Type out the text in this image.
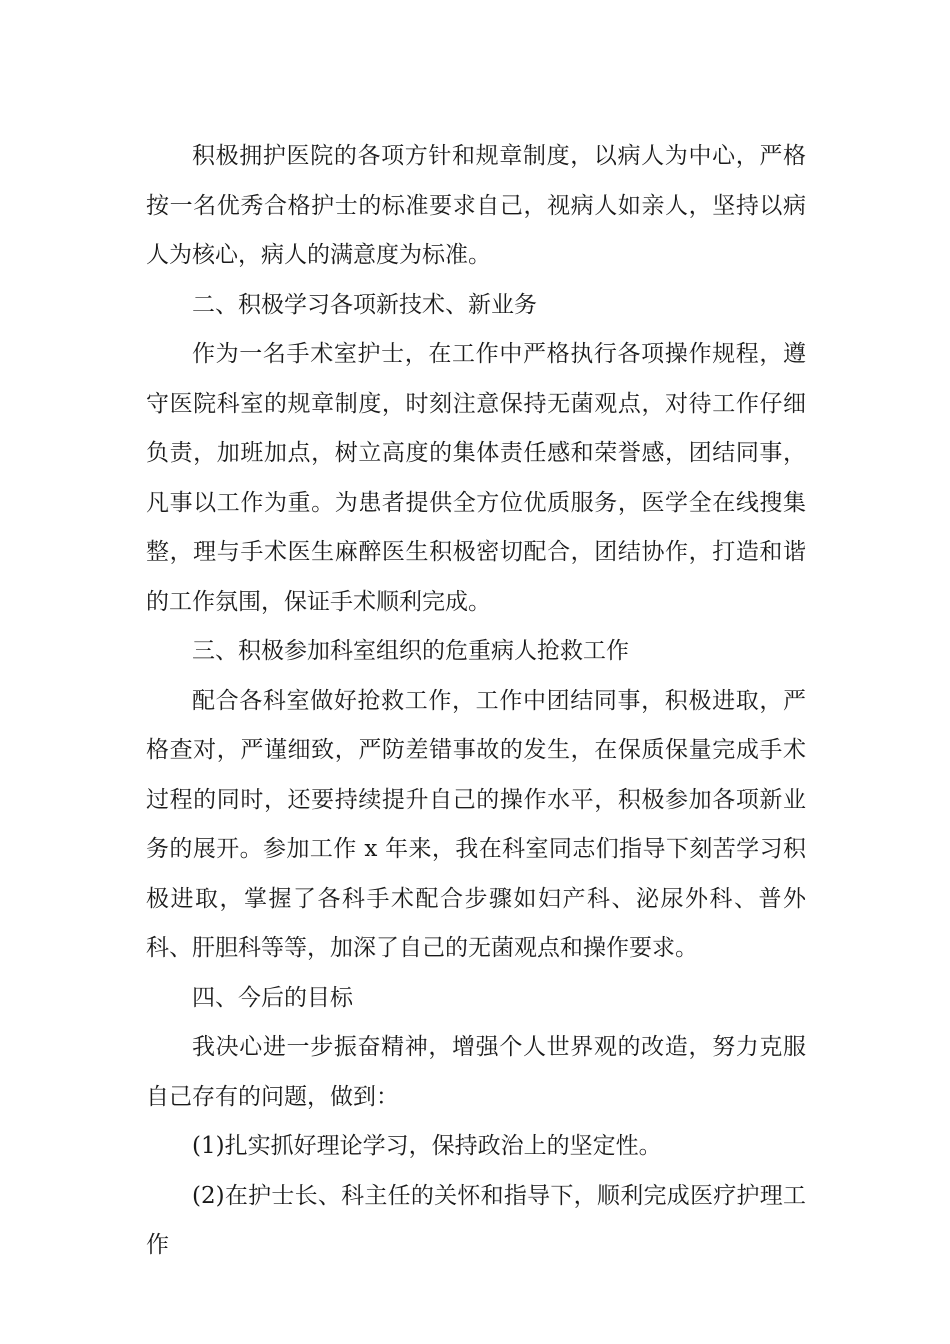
积极拥护医院的各项方针和规章制度，以病人为中心，严格按一名优秀合格护士的标准要求自己，视病人如亲人，坚持以病人为核心，病人的满意度为标准。

二、积极学习各项新技术、新业务

作为一名手术室护士，在工作中严格执行各项操作规程，遵守医院科室的规章制度，时刻注意保持无菌观点，对待工作仔细负责，加班加点，树立高度的集体责任感和荣誉感，团结同事，凡事以工作为重。为患者提供全方位优质服务，医学全在线搜集整，理与手术医生麻醉医生积极密切配合，团结协作，打造和谐的工作氛围，保证手术顺利完成。

三、积极参加科室组织的危重病人抢救工作

配合各科室做好抢救工作，工作中团结同事，积极进取，严格查对，严谨细致，严防差错事故的发生，在保质保量完成手术过程的同时，还要持续提升自己的操作水平，积极参加各项新业务的展开。参加工作 x 年来，我在科室同志们指导下刻苦学习积极进取，掌握了各科手术配合步骤如妇产科、泌尿外科、普外科、肝胆科等等，加深了自己的无菌观点和操作要求。

四、今后的目标

我决心进一步振奋精神，增强个人世界观的改造，努力克服自己存有的问题，做到：

(1)扎实抓好理论学习，保持政治上的坚定性。

(2)在护士长、科主任的关怀和指导下，顺利完成医疗护理工作
